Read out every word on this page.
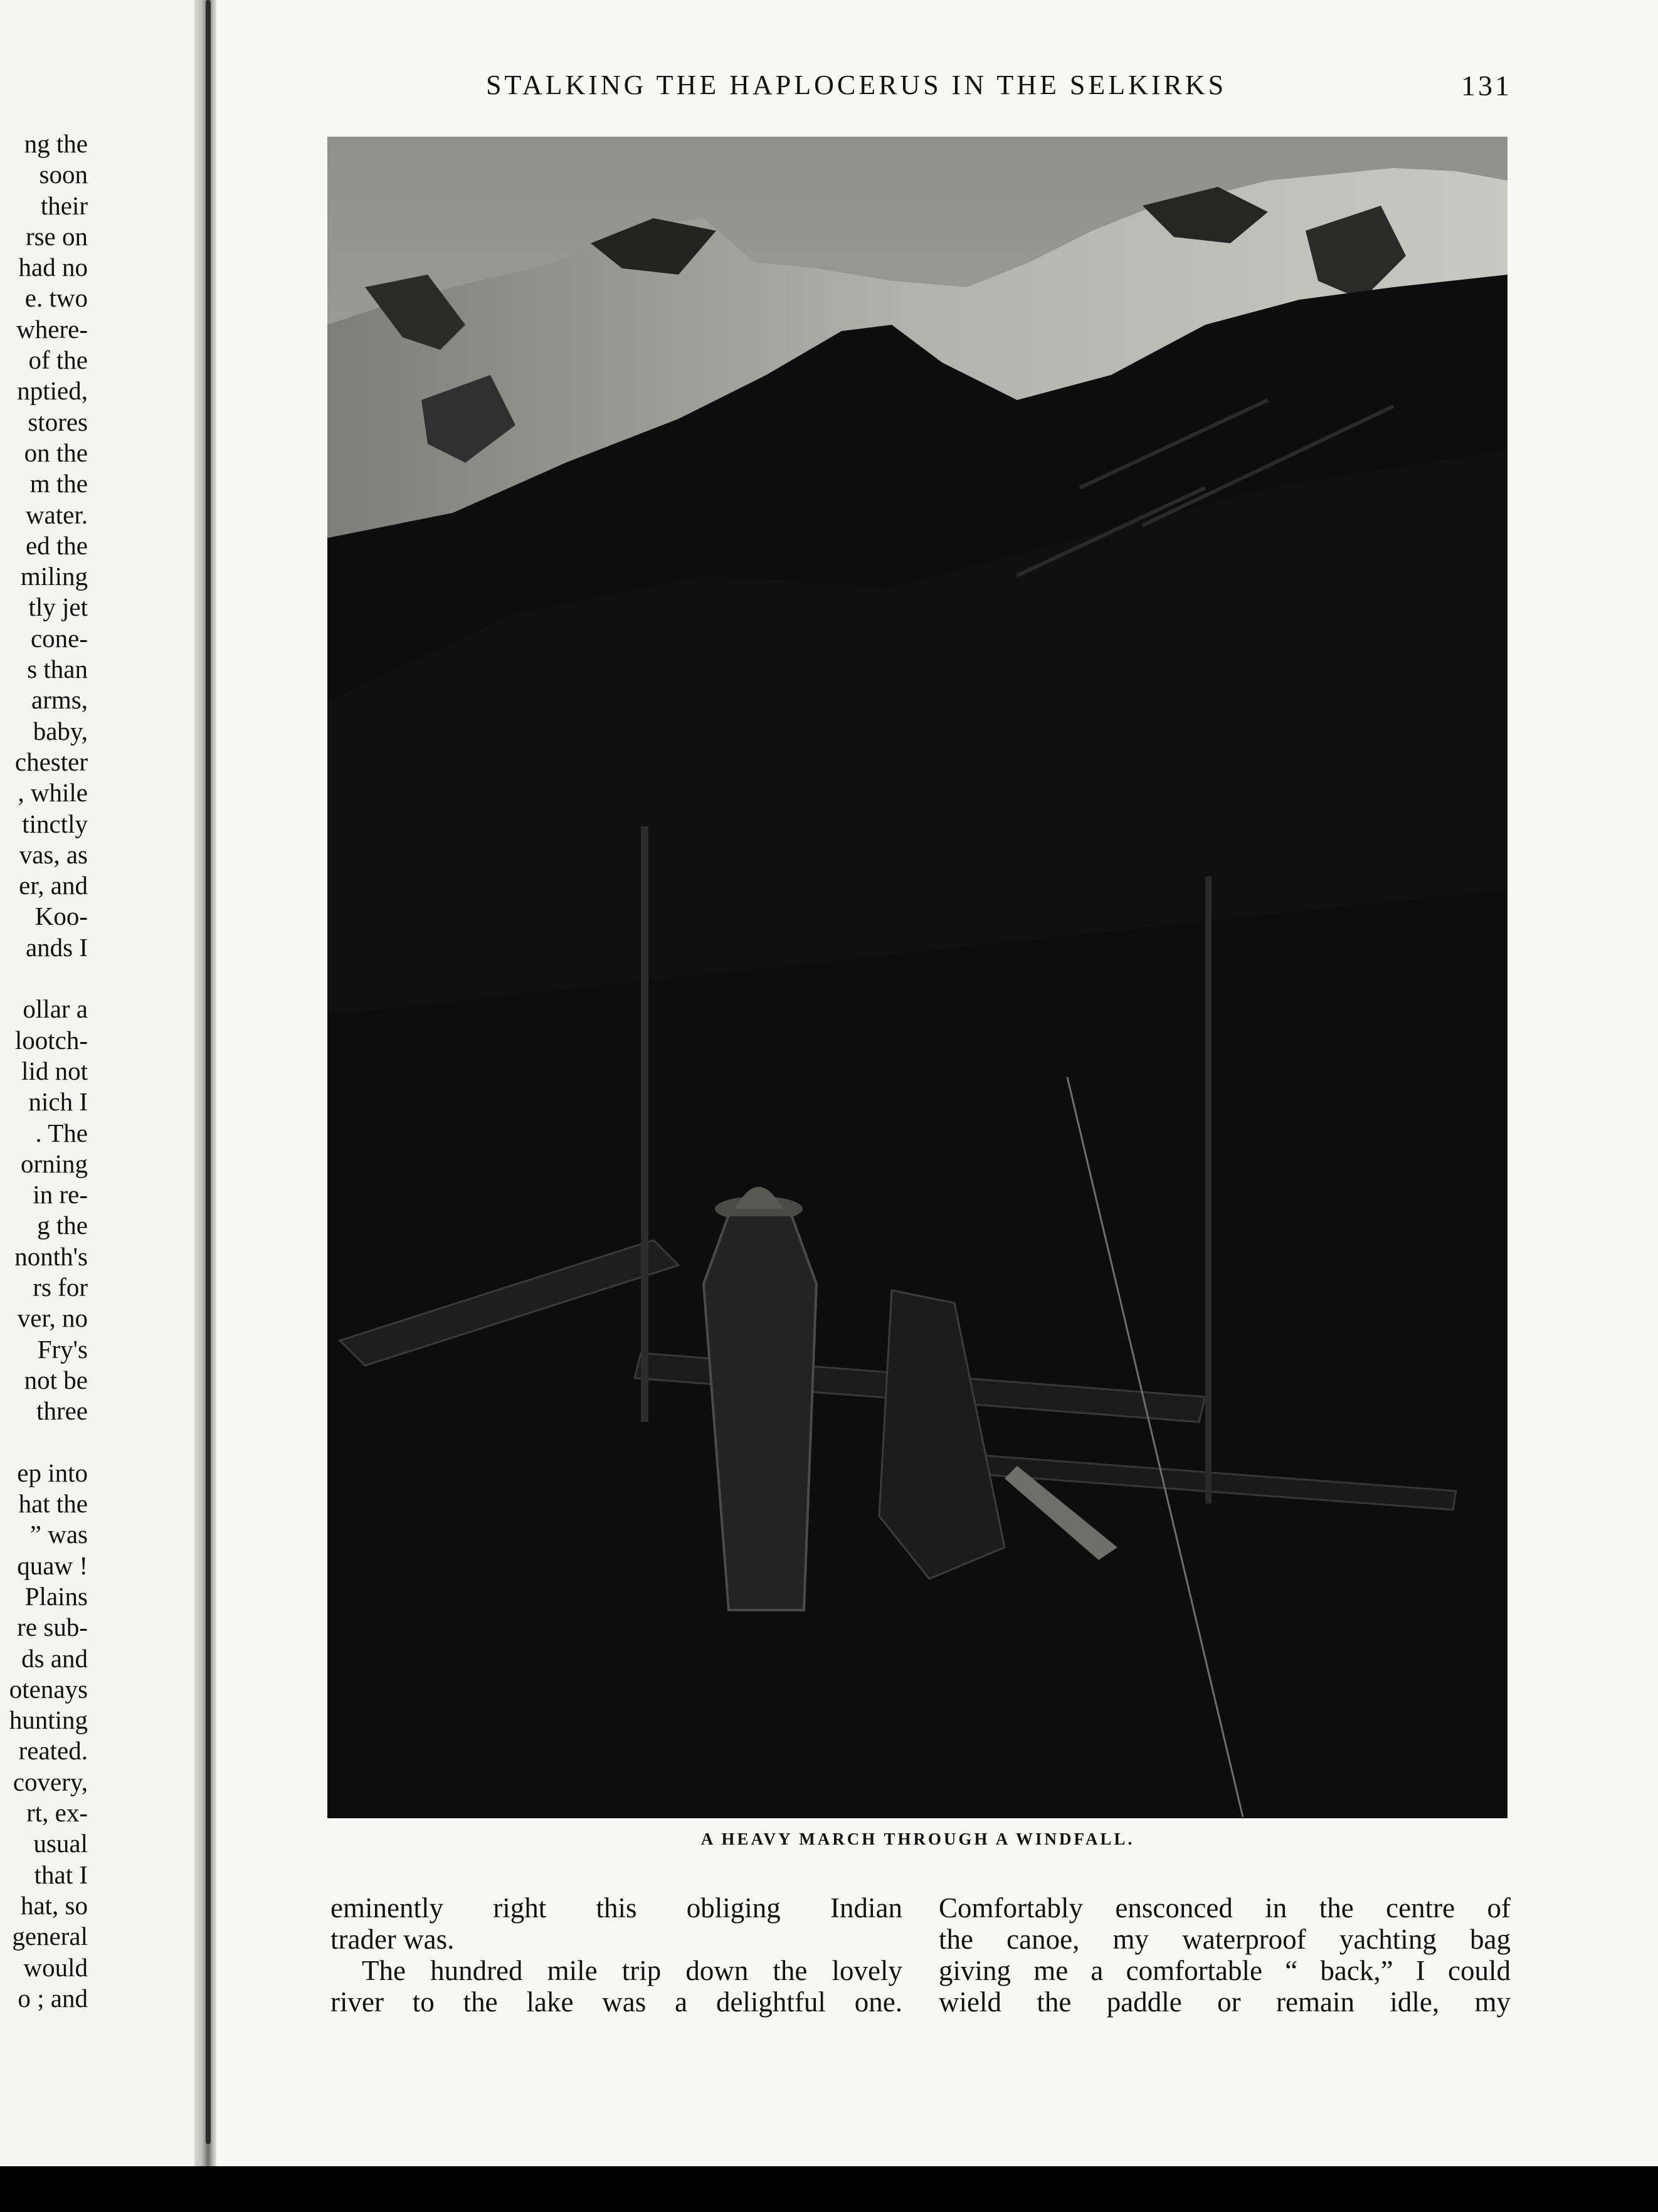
ng the
soon
their
rse on
had no
e. two
where-
of the
nptied,
stores
on the
m the
water.
ed the
miling
tly jet
cone-
s than
arms,
baby,
chester
, while
tinctly
vas, as
er, and
Koo-
ands I
ollar a
lootch-
lid not
nich I
. The
orning
in re-
g the
nonth's
rs for
ver, no
Fry's
not be
three
ep into
hat the
” was
quaw !
Plains
re sub-
ds and
otenays
hunting
reated.
covery,
rt, ex-
usual
that I
hat, so
general
would
o ; and
STALKING THE HAPLOCERUS IN THE SELKIRKS	131
A HEAVY MARCH THROUGH A WINDFALL.
eminently right this obliging Indian
trader was.
The hundred mile trip down the lovely
river to the lake was a delightful one.
Comfortably ensconced in the centre of
the canoe, my waterproof yachting bag
giving me a comfortable “ back,” I could
wield the paddle or remain idle, my
